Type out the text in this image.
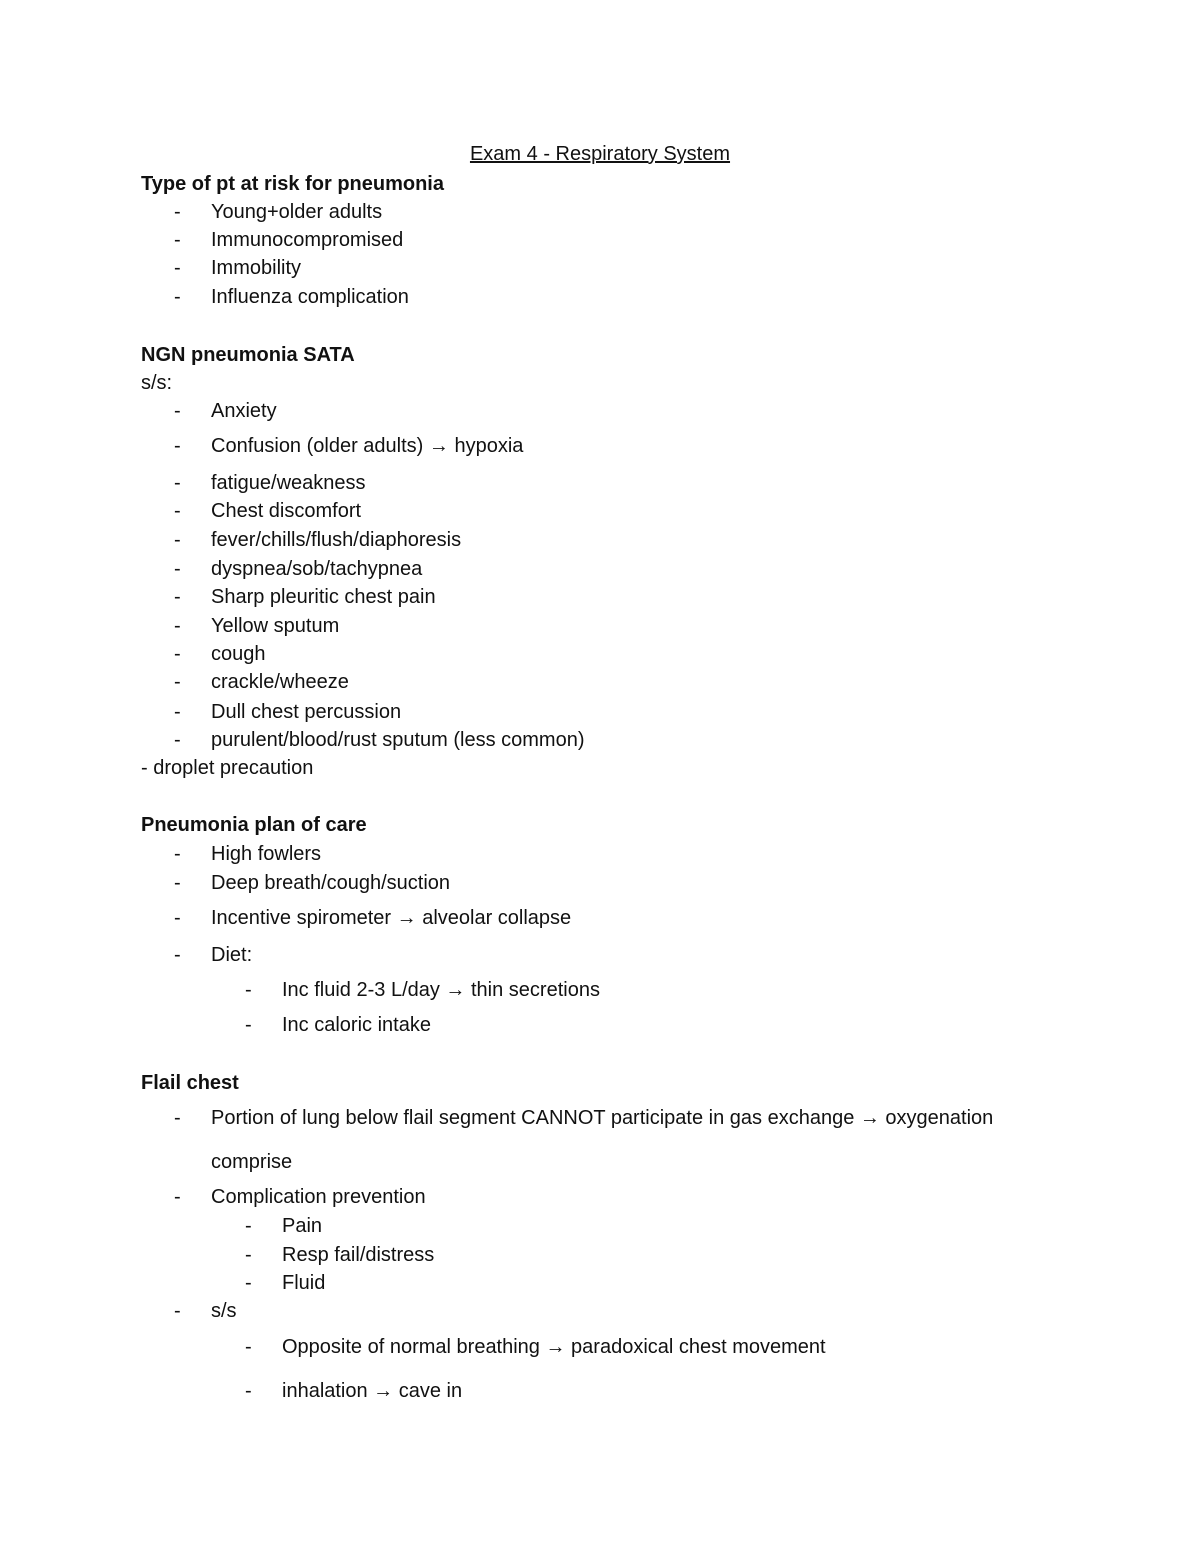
Exam 4 - Respiratory System
Type of pt at risk for pneumonia
- Young+older adults
- Immunocompromised
- Immobility
- Influenza complication
NGN pneumonia SATA
s/s:
- Anxiety
- Confusion (older adults) → hypoxia
- fatigue/weakness
- Chest discomfort
- fever/chills/flush/diaphoresis
- dyspnea/sob/tachypnea
- Sharp pleuritic chest pain
- Yellow sputum
- cough
- crackle/wheeze
- Dull chest percussion
- purulent/blood/rust sputum (less common)
- droplet precaution
Pneumonia plan of care
- High fowlers
- Deep breath/cough/suction
- Incentive spirometer → alveolar collapse
- Diet:
- Inc fluid 2-3 L/day → thin secretions
- Inc caloric intake
Flail chest
- Portion of lung below flail segment CANNOT participate in gas exchange → oxygenation
comprise
- Complication prevention
- Pain
- Resp fail/distress
- Fluid
- s/s
- Opposite of normal breathing → paradoxical chest movement
- inhalation → cave in
